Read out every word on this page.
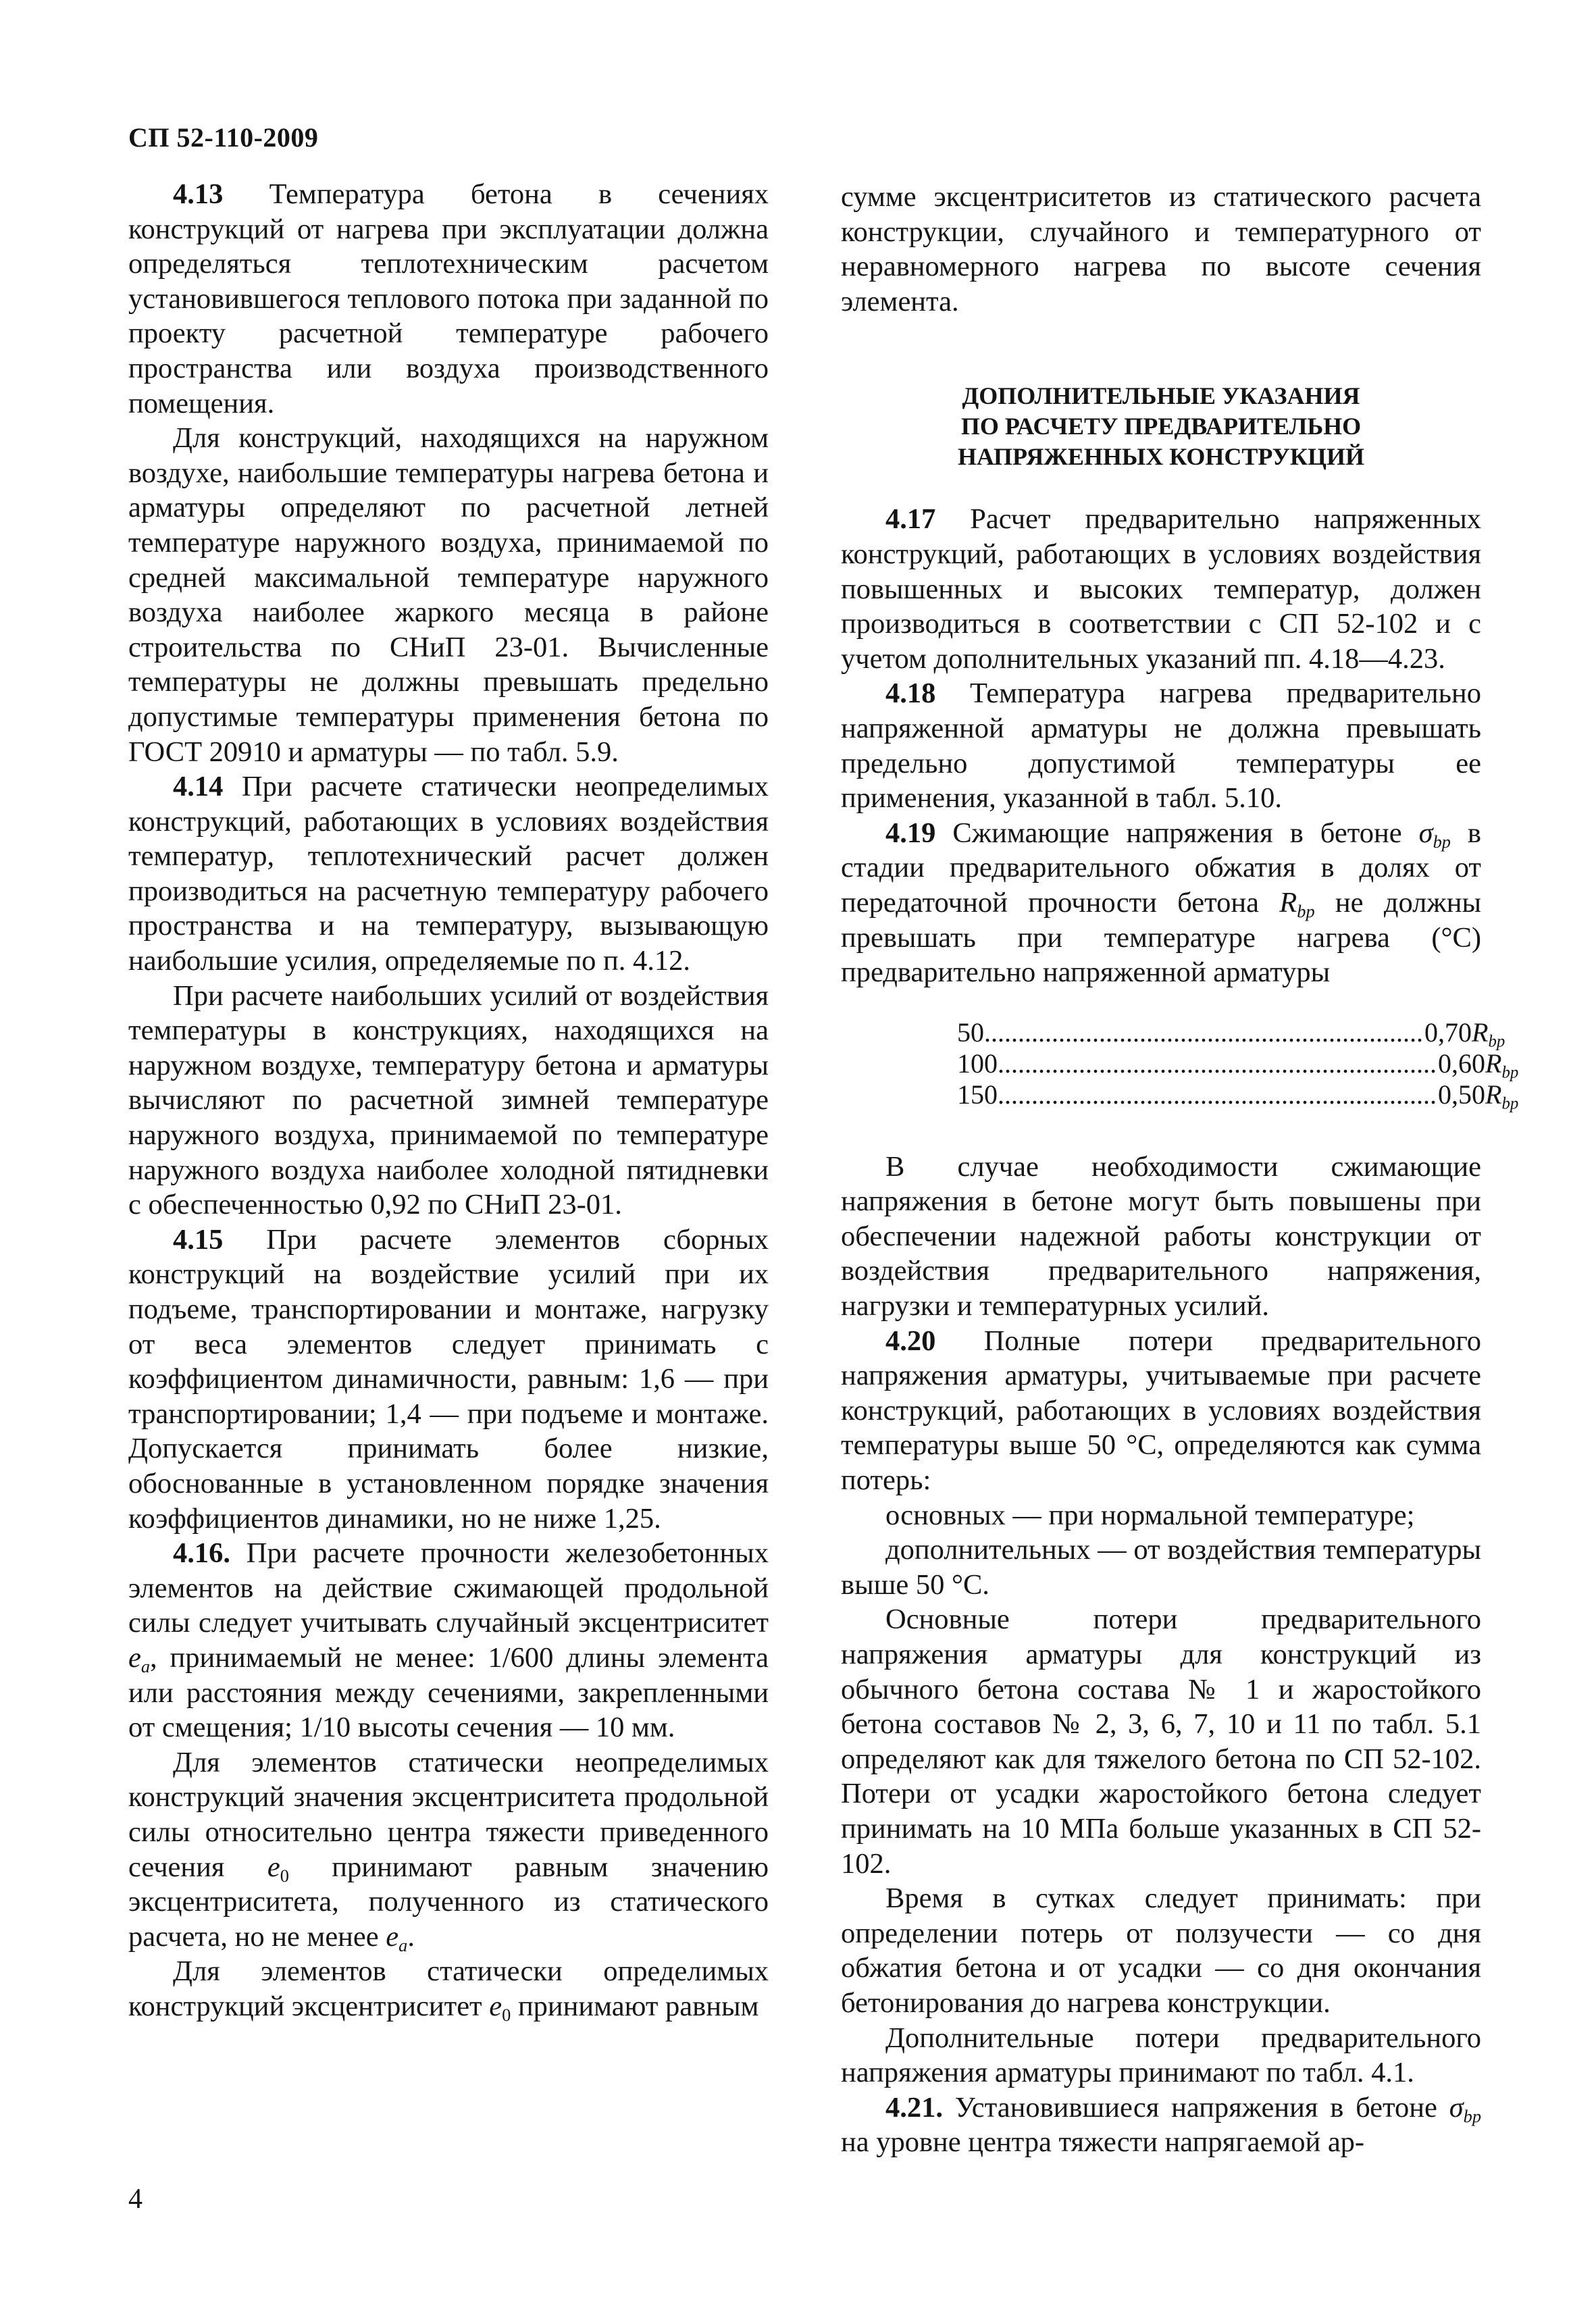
СП 52-110-2009

4.13 Температура бетона в сечениях конструкций от нагрева при эксплуатации должна определяться теплотехническим расчетом установившегося теплового потока при заданной по проекту расчетной температуре рабочего пространства или воздуха производственного помещения.

Для конструкций, находящихся на наружном воздухе, наибольшие температуры нагрева бетона и арматуры определяют по расчетной летней температуре наружного воздуха, принимаемой по средней максимальной температуре наружного воздуха наиболее жаркого месяца в районе строительства по СНиП 23-01. Вычисленные температуры не должны превышать предельно допустимые температуры применения бетона по ГОСТ 20910 и арматуры — по табл. 5.9.

4.14 При расчете статически неопределимых конструкций, работающих в условиях воздействия температур, теплотехнический расчет должен производиться на расчетную температуру рабочего пространства и на температуру, вызывающую наибольшие усилия, определяемые по п. 4.12.

При расчете наибольших усилий от воздействия температуры в конструкциях, находящихся на наружном воздухе, температуру бетона и арматуры вычисляют по расчетной зимней температуре наружного воздуха, принимаемой по температуре наружного воздуха наиболее холодной пятидневки с обеспеченностью 0,92 по СНиП 23-01.

4.15 При расчете элементов сборных конструкций на воздействие усилий при их подъеме, транспортировании и монтаже, нагрузку от веса элементов следует принимать с коэффициентом динамичности, равным: 1,6 — при транспортировании; 1,4 — при подъеме и монтаже. Допускается принимать более низкие, обоснованные в установленном порядке значения коэффициентов динамики, но не ниже 1,25.

4.16. При расчете прочности железобетонных элементов на действие сжимающей продольной силы следует учитывать случайный эксцентриситет $e_a$, принимаемый не менее: 1/600 длины элемента или расстояния между сечениями, закрепленными от смещения; 1/10 высоты сечения — 10 мм.

Для элементов статически неопределимых конструкций значения эксцентриситета продольной силы относительно центра тяжести приведенного сечения $e_0$ принимают равным значению эксцентриситета, полученного из статического расчета, но не менее $e_a$.

Для элементов статически определимых конструкций эксцентриситет $e_0$ принимают равным

сумме эксцентриситетов из статического расчета конструкции, случайного и температурного от неравномерного нагрева по высоте сечения элемента.

ДОПОЛНИТЕЛЬНЫЕ УКАЗАНИЯ
ПО РАСЧЕТУ ПРЕДВАРИТЕЛЬНО
НАПРЯЖЕННЫХ КОНСТРУКЦИЙ

4.17 Расчет предварительно напряженных конструкций, работающих в условиях воздействия повышенных и высоких температур, должен производиться в соответствии с СП 52-102 и с учетом дополнительных указаний пп. 4.18—4.23.

4.18 Температура нагрева предварительно напряженной арматуры не должна превышать предельно допустимой температуры ее применения, указанной в табл. 5.10.

4.19 Сжимающие напряжения в бетоне $\sigma_{bp}$ в стадии предварительного обжатия в долях от передаточной прочности бетона $R_{bp}$ не должны превышать при температуре нагрева (°С) предварительно напряженной арматуры

50................................................................. $0,70R_{bp}$
100................................................................. $0,60R_{bp}$
150................................................................. $0,50R_{bp}$

В случае необходимости сжимающие напряжения в бетоне могут быть повышены при обеспечении надежной работы конструкции от воздействия предварительного напряжения, нагрузки и температурных усилий.

4.20 Полные потери предварительного напряжения арматуры, учитываемые при расчете конструкций, работающих в условиях воздействия температуры выше 50 °С, определяются как сумма потерь:

основных — при нормальной температуре;

дополнительных — от воздействия температуры выше 50 °С.

Основные потери предварительного напряжения арматуры для конструкций из обычного бетона состава № 1 и жаростойкого бетона составов № 2, 3, 6, 7, 10 и 11 по табл. 5.1 определяют как для тяжелого бетона по СП 52-102. Потери от усадки жаростойкого бетона следует принимать на 10 МПа больше указанных в СП 52-102.

Время в сутках следует принимать: при определении потерь от ползучести — со дня обжатия бетона и от усадки — со дня окончания бетонирования до нагрева конструкции.

Дополнительные потери предварительного напряжения арматуры принимают по табл. 4.1.

4.21. Установившиеся напряжения в бетоне $\sigma_{bp}$ на уровне центра тяжести напрягаемой ар-

4
